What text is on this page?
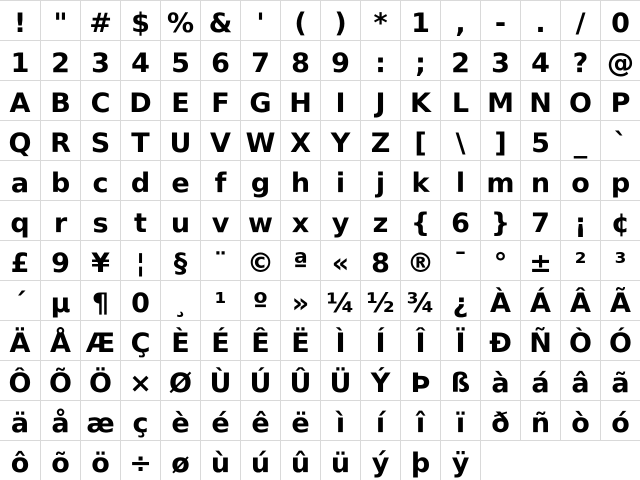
! " # $ % & ' ( ) * 1 , - . / 0
1 2 3 4 5 6 7 8 9 : ; 2 3 4 ? @
A B C D E F G H I J K L M N O P
Q R S T U V W X Y Z [ \ ] 5 _ `
a b c d e f g h i j k l m n o p
q r s t u v w x y z { 6 } 7 ¡ ¢
£ 9 ¥ ¦ § ¨ © ª « 8 ® ¯ ° ± ² ³
´ µ ¶ 0 ¸ ¹ º » ¼ ½ ¾ ¿ À Á Â Ã
Ä Å Æ Ç È É Ê Ë Ì Í Î Ï Ð Ñ Ò Ó
Ô Õ Ö × Ø Ù Ú Û Ü Ý Þ ß à á â ã
ä å æ ç è é ê ë ì í î ï ð ñ ò ó
ô õ ö ÷ ø ù ú û ü ý þ ÿ
